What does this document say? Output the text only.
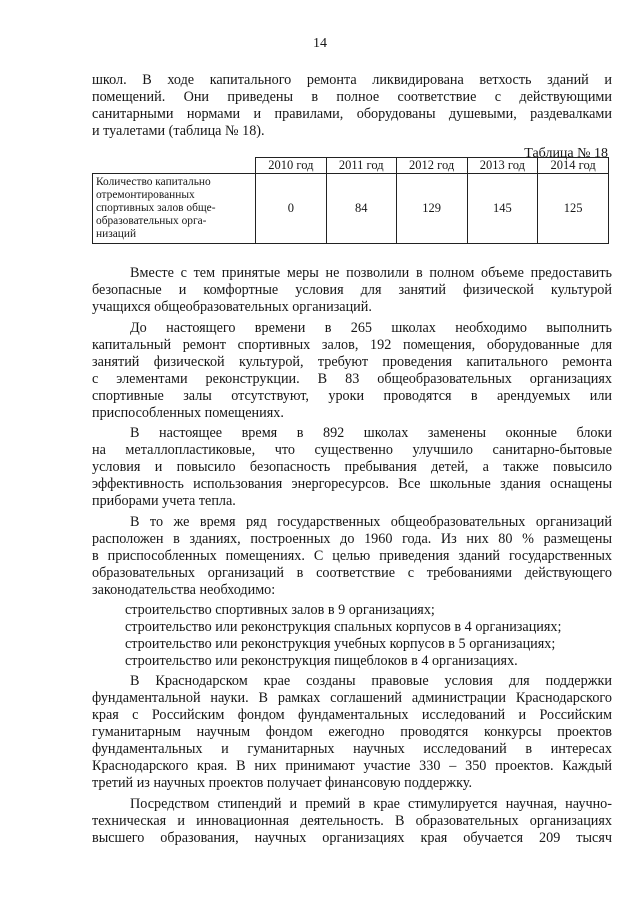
14
школ. В ходе капитального ремонта ликвидирована ветхость зданий и
помещений. Они приведены в полное соответствие с действующими
санитарными нормами и правилами, оборудованы душевыми, раздевалками
и туалетами (таблица № 18).
Таблица № 18
	2010 год	2011 год	2012 год	2013 год	2014 год
Количество капитально
отремонтированных
спортивных залов обще-
образовательных орга-
низаций	0	84	129	145	125
Вместе с тем принятые меры не позволили в полном объеме предоставить
безопасные и комфортные условия для занятий физической культурой
учащихся общеобразовательных организаций.
До настоящего времени в 265 школах необходимо выполнить
капитальный ремонт спортивных залов, 192 помещения, оборудованные для
занятий физической культурой, требуют проведения капитального ремонта
с элементами реконструкции. В 83 общеобразовательных организациях
спортивные залы отсутствуют, уроки проводятся в арендуемых или
приспособленных помещениях.
В настоящее время в 892 школах заменены оконные блоки
на металлопластиковые, что существенно улучшило санитарно-бытовые
условия и повысило безопасность пребывания детей, а также повысило
эффективность использования энергоресурсов. Все школьные здания оснащены
приборами учета тепла.
В то же время ряд государственных общеобразовательных организаций
расположен в зданиях, построенных до 1960 года. Из них 80 % размещены
в приспособленных помещениях. С целью приведения зданий государственных
образовательных организаций в соответствие с требованиями действующего
законодательства необходимо:
строительство спортивных залов в 9 организациях;
строительство или реконструкция спальных корпусов в 4 организациях;
строительство или реконструкция учебных корпусов в 5 организациях;
строительство или реконструкция пищеблоков в 4 организациях.
В Краснодарском крае созданы правовые условия для поддержки
фундаментальной науки. В рамках соглашений администрации Краснодарского
края с Российским фондом фундаментальных исследований и Российским
гуманитарным научным фондом ежегодно проводятся конкурсы проектов
фундаментальных и гуманитарных научных исследований в интересах
Краснодарского края. В них принимают участие 330 – 350 проектов. Каждый
третий из научных проектов получает финансовую поддержку.
Посредством стипендий и премий в крае стимулируется научная, научно-
техническая и инновационная деятельность. В образовательных организациях
высшего образования, научных организациях края обучается 209 тысяч
